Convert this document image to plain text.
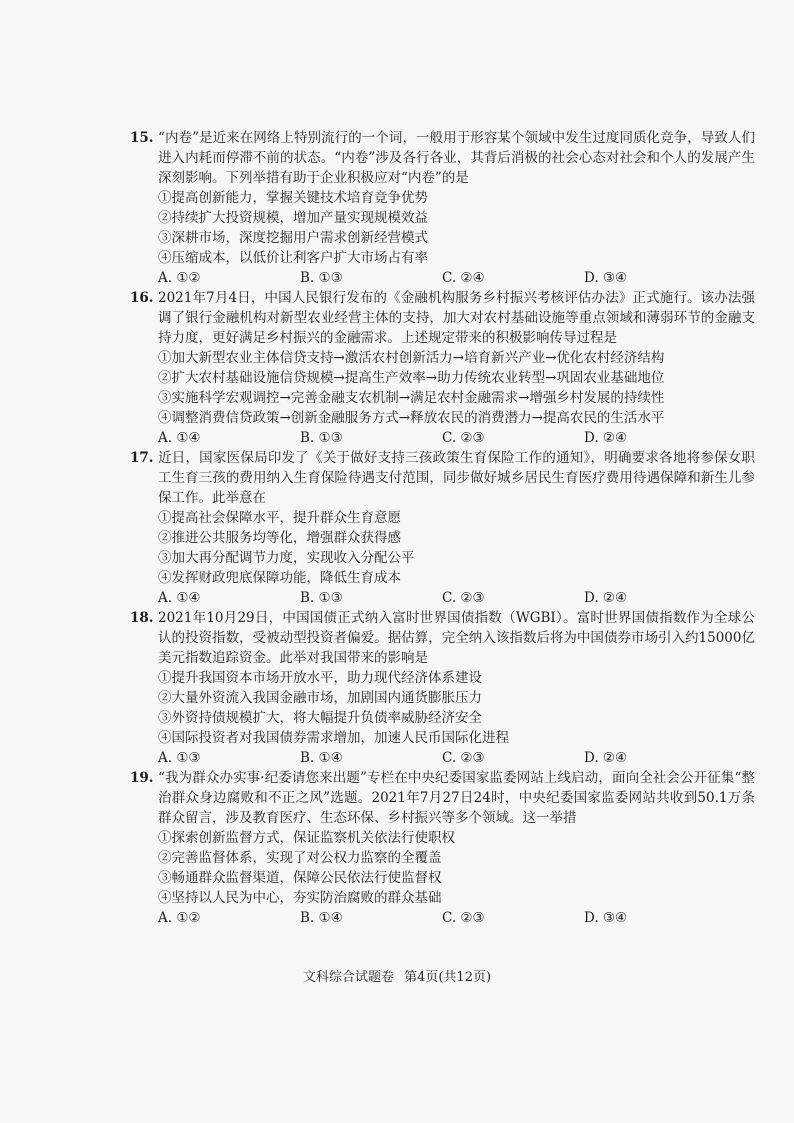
15. “内卷”是近来在网络上特别流行的一个词，一般用于形容某个领域中发生过度同质化竞争，导致人们进入内耗而停滞不前的状态。“内卷”涉及各行各业，其背后消极的社会心态对社会和个人的发展产生深刻影响。下列举措有助于企业积极应对“内卷”的是
①提高创新能力，掌握关键技术培育竞争优势
②持续扩大投资规模，增加产量实现规模效益
③深耕市场，深度挖掘用户需求创新经营模式
④压缩成本，以低价让利客户扩大市场占有率
A. ①②	B. ①③	C. ②④	D. ③④
16. 2021年7月4日，中国人民银行发布的《金融机构服务乡村振兴考核评估办法》正式施行。该办法强调了银行金融机构对新型农业经营主体的支持，加大对农村基础设施等重点领域和薄弱环节的金融支持力度，更好满足乡村振兴的金融需求。上述规定带来的积极影响传导过程是
①加大新型农业主体信贷支持→激活农村创新活力→培育新兴产业→优化农村经济结构
②扩大农村基础设施信贷规模→提高生产效率→助力传统农业转型→巩固农业基础地位
③实施科学宏观调控→完善金融支农机制→满足农村金融需求→增强乡村发展的持续性
④调整消费信贷政策→创新金融服务方式→释放农民的消费潜力→提高农民的生活水平
A. ①④	B. ①③	C. ②③	D. ②④
17. 近日，国家医保局印发了《关于做好支持三孩政策生育保险工作的通知》，明确要求各地将参保女职工生育三孩的费用纳入生育保险待遇支付范围，同步做好城乡居民生育医疗费用待遇保障和新生儿参保工作。此举意在
①提高社会保障水平，提升群众生育意愿
②推进公共服务均等化，增强群众获得感
③加大再分配调节力度，实现收入分配公平
④发挥财政兜底保障功能，降低生育成本
A. ①④	B. ①③	C. ②③	D. ②④
18. 2021年10月29日，中国国债正式纳入富时世界国债指数（WGBI）。富时世界国债指数作为全球公认的投资指数，受被动型投资者偏爱。据估算，完全纳入该指数后将为中国债券市场引入约15000亿美元指数追踪资金。此举对我国带来的影响是
①提升我国资本市场开放水平，助力现代经济体系建设
②大量外资流入我国金融市场，加剧国内通货膨胀压力
③外资持债规模扩大，将大幅提升负债率威胁经济安全
④国际投资者对我国债券需求增加，加速人民币国际化进程
A. ①③	B. ①④	C. ②③	D. ②④
19. “我为群众办实事·纪委请您来出题”专栏在中央纪委国家监委网站上线启动，面向全社会公开征集“整治群众身边腐败和不正之风”选题。2021年7月27日24时，中央纪委国家监委网站共收到50.1万条群众留言，涉及教育医疗、生态环保、乡村振兴等多个领域。这一举措
①探索创新监督方式，保证监察机关依法行使职权
②完善监督体系，实现了对公权力监察的全覆盖
③畅通群众监督渠道，保障公民依法行使监督权
④坚持以人民为中心，夯实防治腐败的群众基础
A. ①②	B. ①④	C. ②③	D. ③④
文科综合试题卷 第4页(共12页)
